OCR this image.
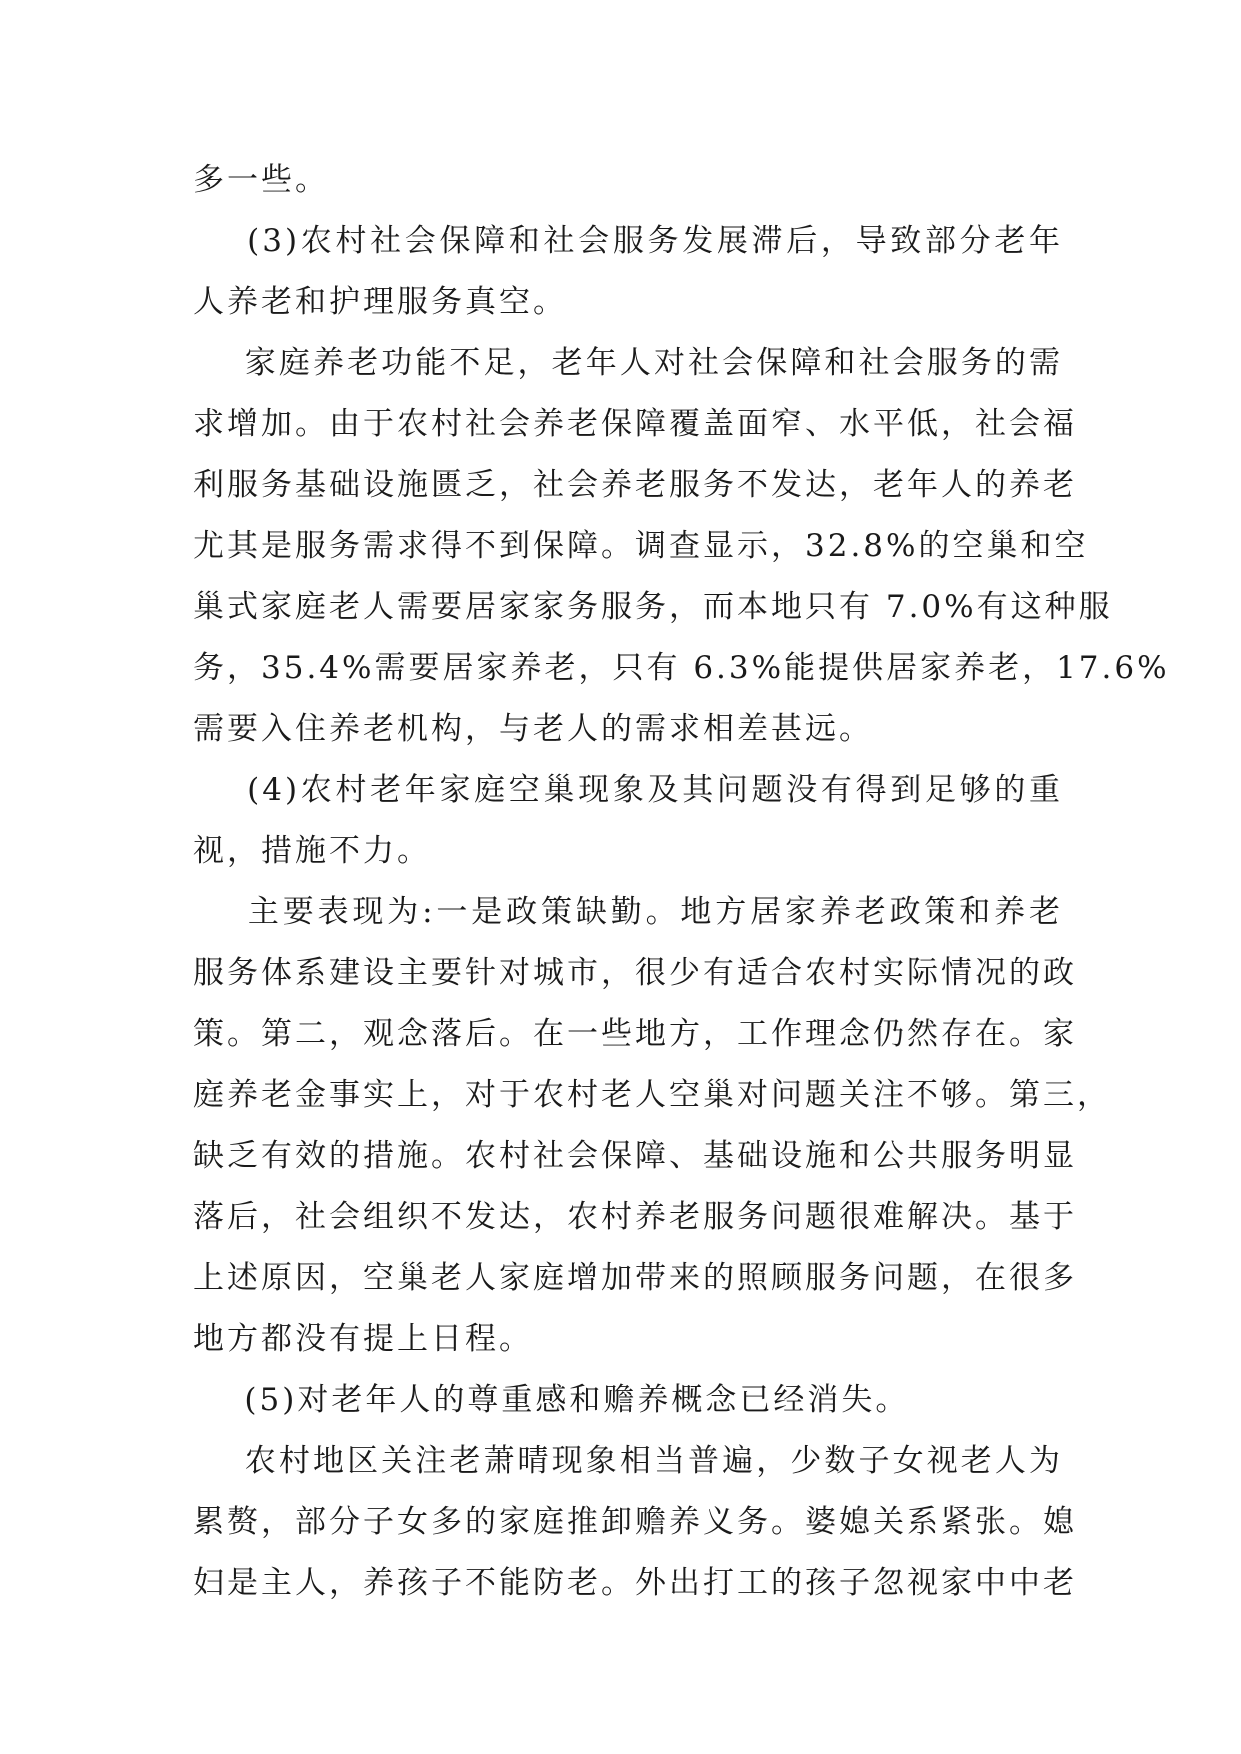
多一些。
(3)农村社会保障和社会服务发展滞后，导致部分老年
人养老和护理服务真空。
家庭养老功能不足，老年人对社会保障和社会服务的需
求增加。由于农村社会养老保障覆盖面窄、水平低，社会福
利服务基础设施匮乏，社会养老服务不发达，老年人的养老
尤其是服务需求得不到保障。调查显示，32.8%的空巢和空
巢式家庭老人需要居家家务服务，而本地只有 7.0%有这种服
务，35.4%需要居家养老，只有 6.3%能提供居家养老，17.6%
需要入住养老机构，与老人的需求相差甚远。
(4)农村老年家庭空巢现象及其问题没有得到足够的重
视，措施不力。
主要表现为:一是政策缺勤。地方居家养老政策和养老
服务体系建设主要针对城市，很少有适合农村实际情况的政
策。第二，观念落后。在一些地方，工作理念仍然存在。家
庭养老金事实上，对于农村老人空巢对问题关注不够。第三，
缺乏有效的措施。农村社会保障、基础设施和公共服务明显
落后，社会组织不发达，农村养老服务问题很难解决。基于
上述原因，空巢老人家庭增加带来的照顾服务问题，在很多
地方都没有提上日程。
(5)对老年人的尊重感和赡养概念已经消失。
农村地区关注老萧晴现象相当普遍，少数子女视老人为
累赘，部分子女多的家庭推卸赡养义务。婆媳关系紧张。媳
妇是主人，养孩子不能防老。外出打工的孩子忽视家中中老
